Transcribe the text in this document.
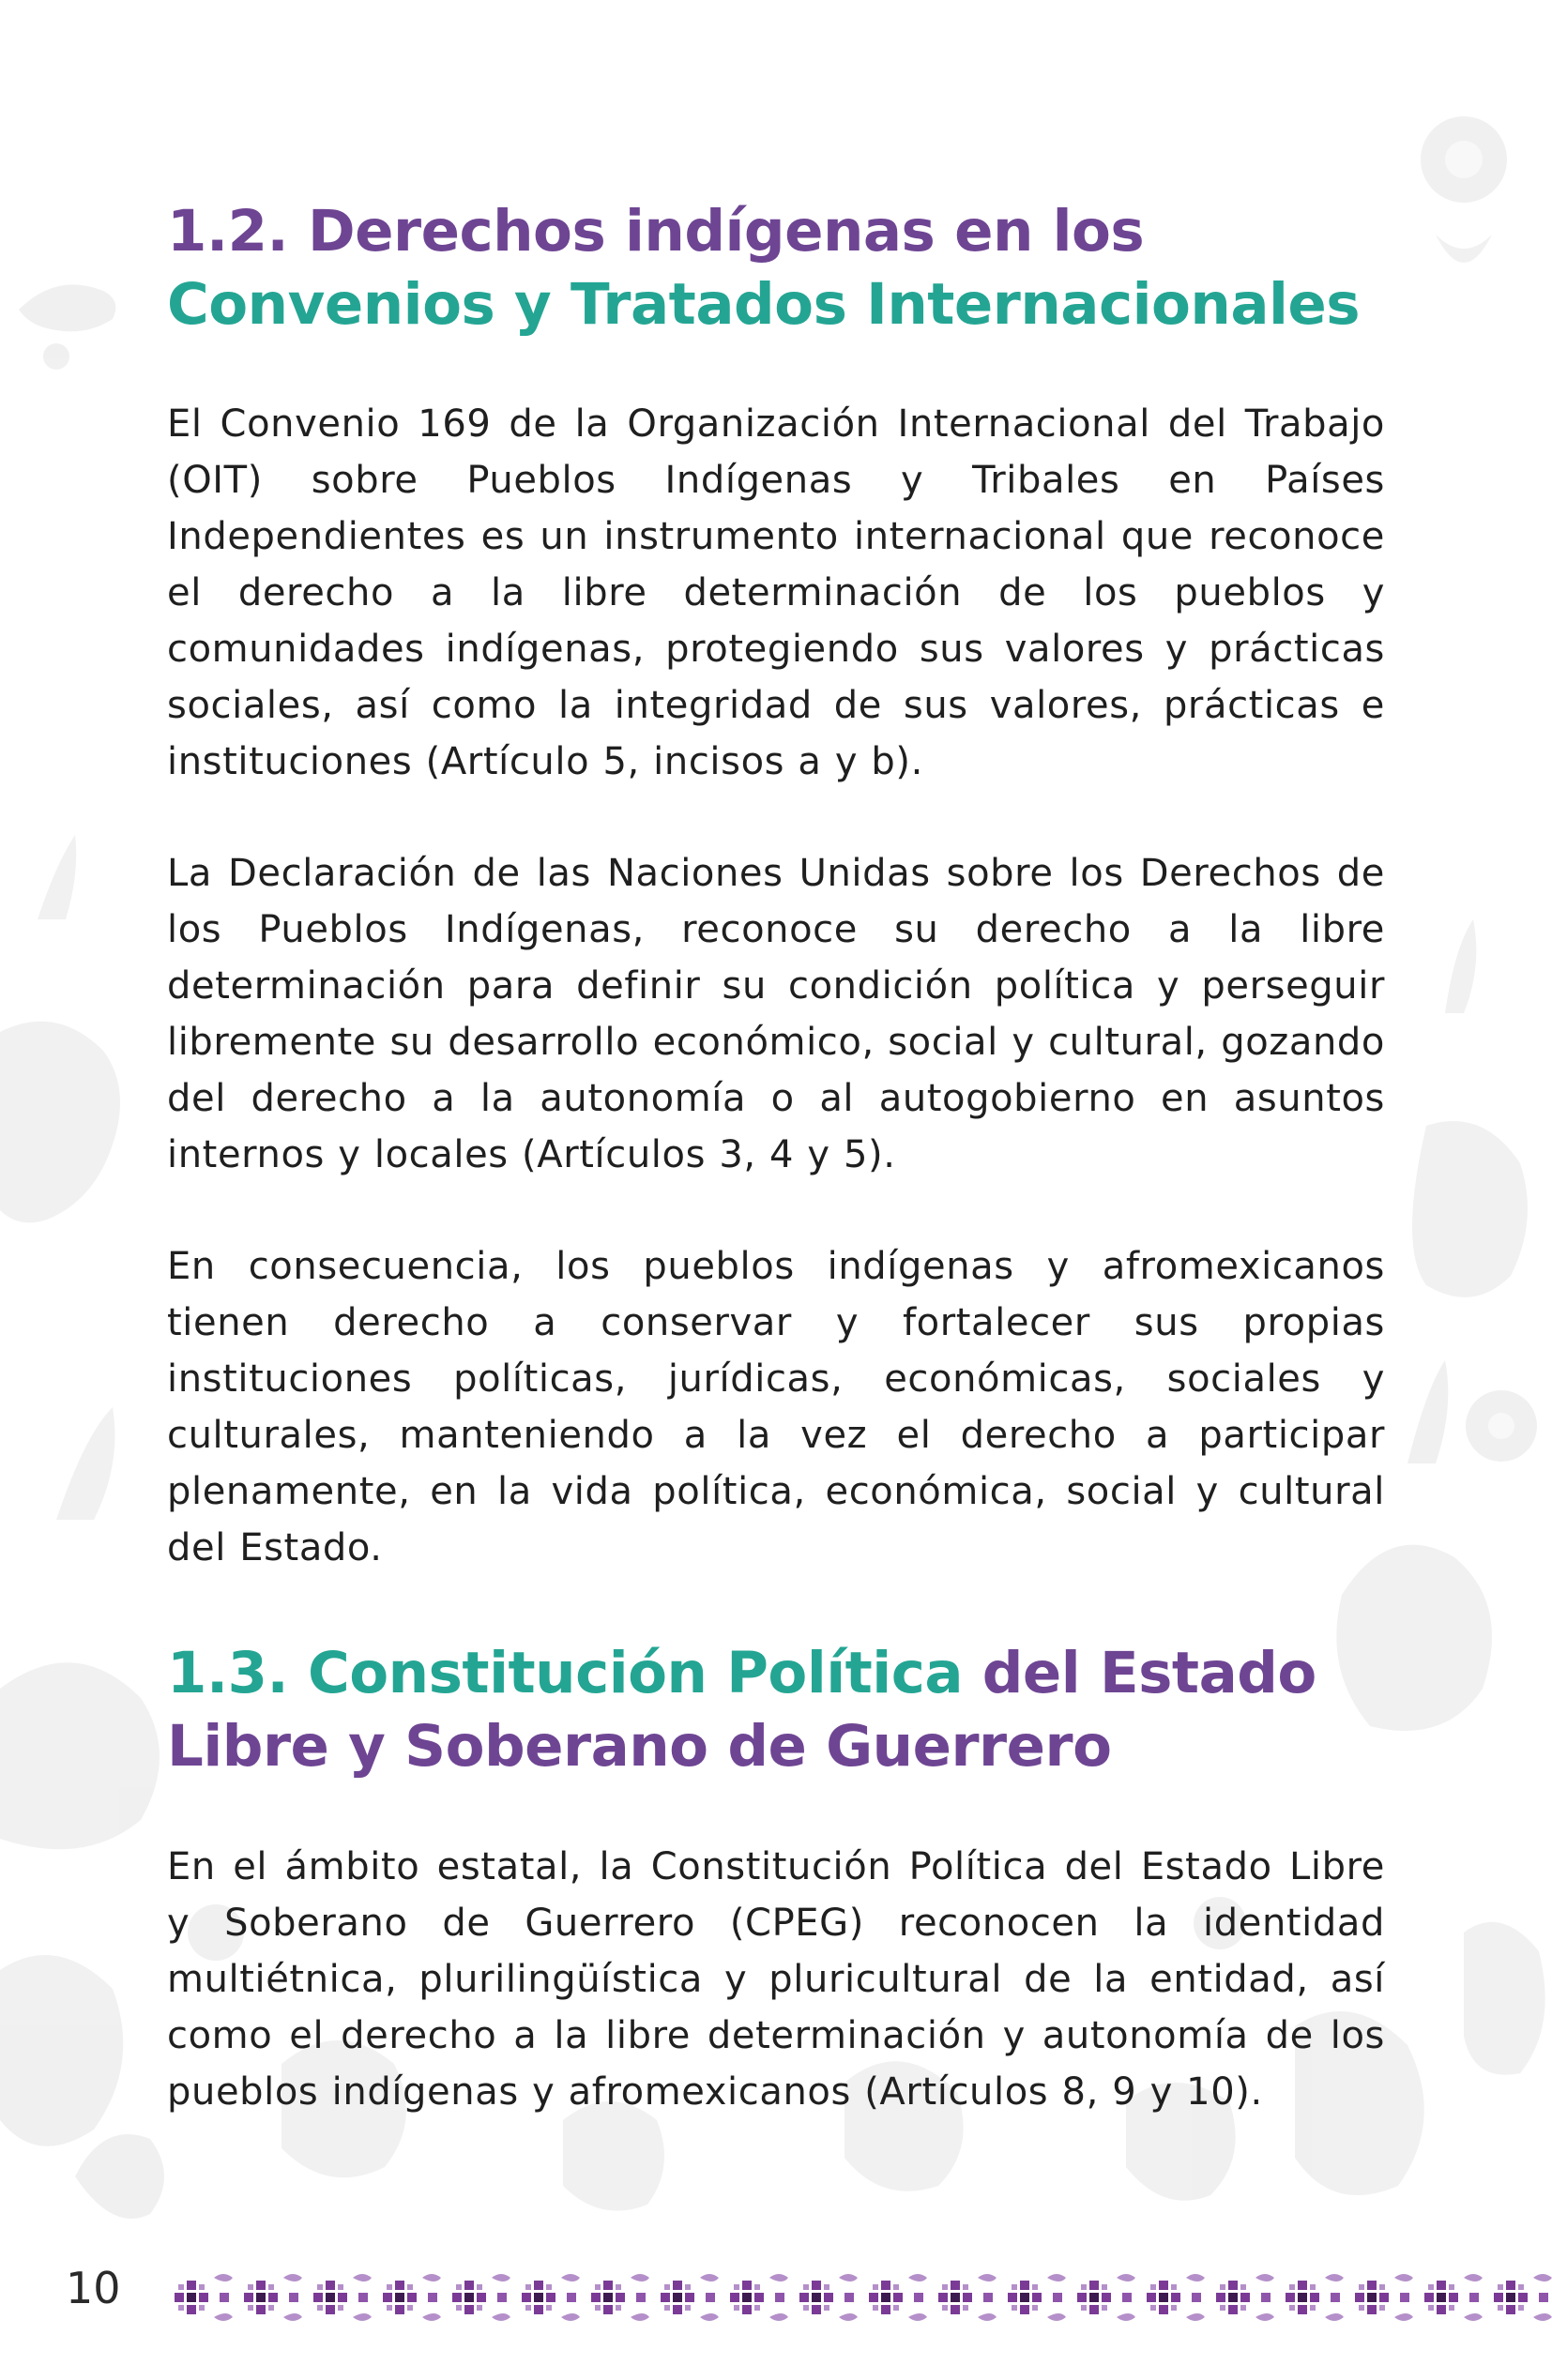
1.2. Derechos indígenas en los
Convenios y Tratados Internacionales

El Convenio 169 de la Organización Internacional del Trabajo (OIT) sobre Pueblos Indígenas y Tribales en Países Independientes es un instrumento internacional que reconoce el derecho a la libre determinación de los pueblos y comunidades indígenas, protegiendo sus valores y prácticas sociales, así como la integridad de sus valores, prácticas e instituciones (Artículo 5, incisos a y b).

La Declaración de las Naciones Unidas sobre los Derechos de los Pueblos Indígenas, reconoce su derecho a la libre determinación para definir su condición política y perseguir libremente su desarrollo económico, social y cultural, gozando del derecho a la autonomía o al autogobierno en asuntos internos y locales (Artículos 3, 4 y 5).

En consecuencia, los pueblos indígenas y afromexicanos tienen derecho a conservar y fortalecer sus propias instituciones políticas, jurídicas, económicas, sociales y culturales, manteniendo a la vez el derecho a participar plenamente, en la vida política, económica, social y cultural del Estado.

1.3. Constitución Política del Estado
Libre y Soberano de Guerrero

En el ámbito estatal, la Constitución Política del Estado Libre y Soberano de Guerrero (CPEG) reconocen la identidad multiétnica, plurilingüística y pluricultural de la entidad, así como el derecho a la libre determinación y autonomía de los pueblos indígenas y afromexicanos (Artículos 8, 9 y 10).

10
